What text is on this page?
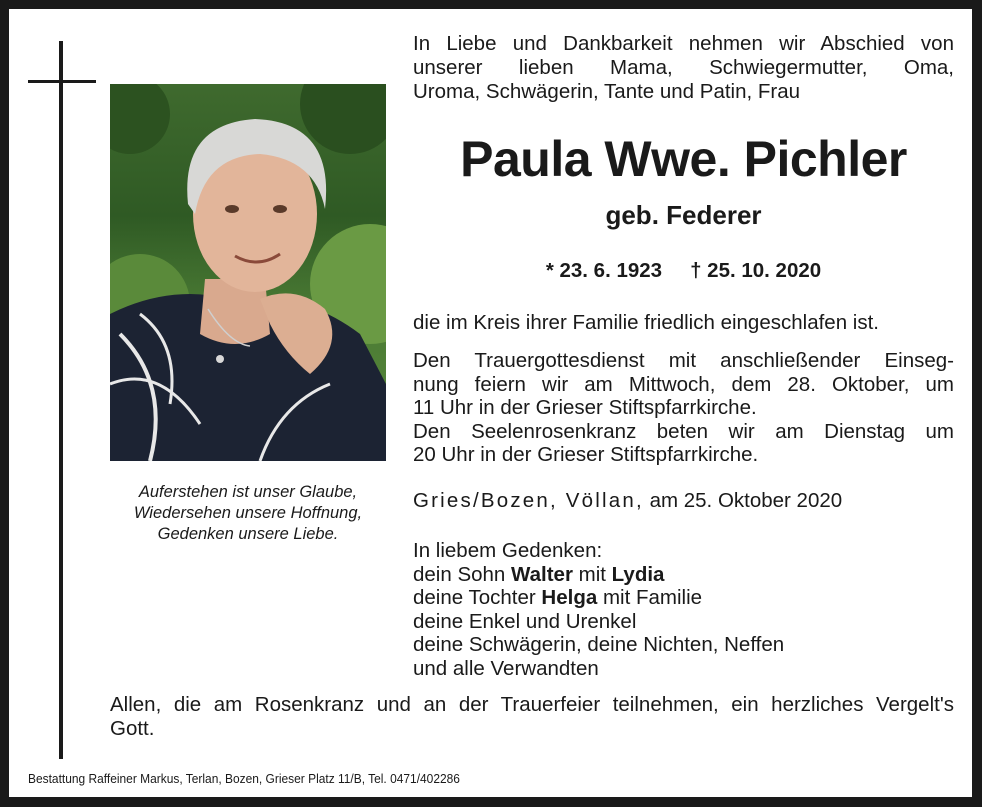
Auferstehen ist unser Glaube,
Wiedersehen unsere Hoffnung,
Gedenken unsere Liebe.
In Liebe und Dankbarkeit nehmen wir Abschied von
unserer lieben Mama, Schwiegermutter, Oma,
Uroma, Schwägerin, Tante und Patin, Frau
Paula Wwe. Pichler
geb. Federer
* 23. 6. 1923 † 25. 10. 2020
die im Kreis ihrer Familie friedlich eingeschlafen ist.
Den Trauergottesdienst mit anschließender Einseg-
nung feiern wir am Mittwoch, dem 28. Oktober, um
11 Uhr in der Grieser Stiftspfarrkirche.
Den Seelenrosenkranz beten wir am Dienstag um
20 Uhr in der Grieser Stiftspfarrkirche.
Gries/Bozen, Völlan, am 25. Oktober 2020
In liebem Gedenken:
dein Sohn Walter mit Lydia
deine Tochter Helga mit Familie
deine Enkel und Urenkel
deine Schwägerin, deine Nichten, Neffen
und alle Verwandten
Allen, die am Rosenkranz und an der Trauerfeier teilnehmen, ein herzliches Vergelt's
Gott.
Bestattung Raffeiner Markus, Terlan, Bozen, Grieser Platz 11/B, Tel. 0471/402286
